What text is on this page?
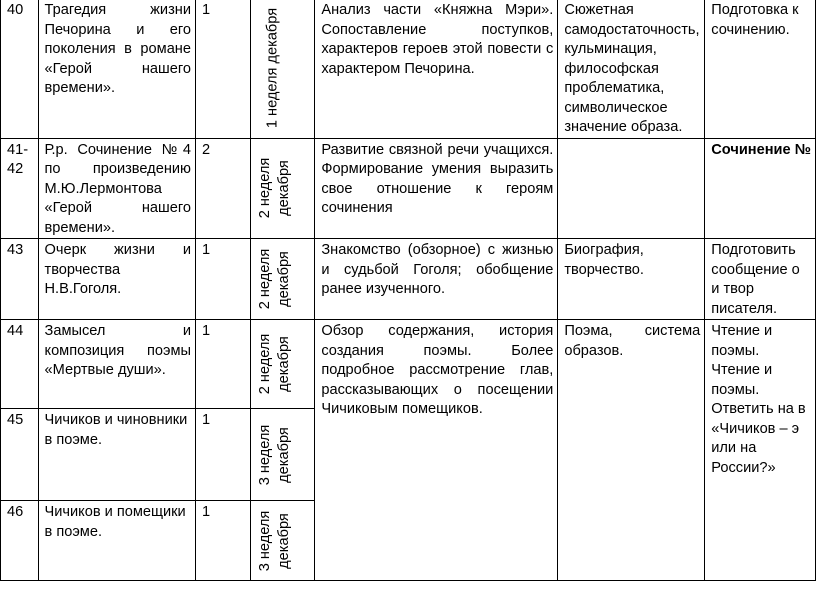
40	Трагедия жизни Печорина и его поколения в романе «Герой нашего времени».	1	1 неделя декабря	Анализ части «Княжна Мэри». Сопоставление поступков, характеров героев этой повести с характером Печорина.	Сюжетная самодостаточность, кульминация, философская проблематика, символическое значение образа.	Подготовка к сочинению.
41-42	Р.р. Сочинение №4 по произведению М.Ю.Лермонтова «Герой нашего времени».	2	2 неделя декабря	Развитие связной речи учащихся. Формирование умения выразить свое отношение к героям сочинения		Сочинение №
43	Очерк жизни и творчества Н.В.Гоголя.	1	2 неделя декабря	Знакомство (обзорное) с жизнью и судьбой Гоголя; обобщение ранее изученного.	Биография, творчество.	Подготовить сообщение о и твор писателя.
44	Замысел и композиция поэмы «Мертвые души».	1	2 неделя декабря	Обзор содержания, история создания поэмы. Более подробное рассмотрение глав, рассказывающих о посещении Чичиковым помещиков.	Поэма, система образов.	Чтение и поэмы. Чтение и поэмы. Ответить на в «Чичиков – э или на России?»
45	Чичиков и чиновники в поэме.	1	3 неделя декабря			

46	Чичиков и помещики в поэме.	1	3 неделя декабря			
